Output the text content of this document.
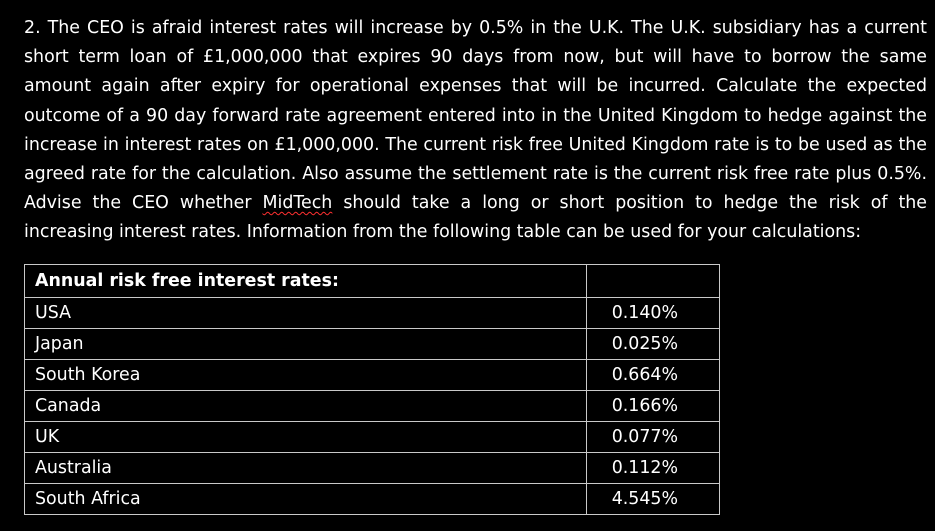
2. The CEO is afraid interest rates will increase by 0.5% in the U.K. The U.K. subsidiary has a current
short term loan of £1,000,000 that expires 90 days from now, but will have to borrow the same
amount again after expiry for operational expenses that will be incurred. Calculate the expected
outcome of a 90 day forward rate agreement entered into in the United Kingdom to hedge against the
increase in interest rates on £1,000,000. The current risk free United Kingdom rate is to be used as the
agreed rate for the calculation. Also assume the settlement rate is the current risk free rate plus 0.5%.
Advise the CEO whether MidTech should take a long or short position to hedge the risk of the
increasing interest rates. Information from the following table can be used for your calculations:
Annual risk free interest rates:	
USA	0.140%
Japan	0.025%
South Korea	0.664%
Canada	0.166%
UK	0.077%
Australia	0.112%
South Africa	4.545%
